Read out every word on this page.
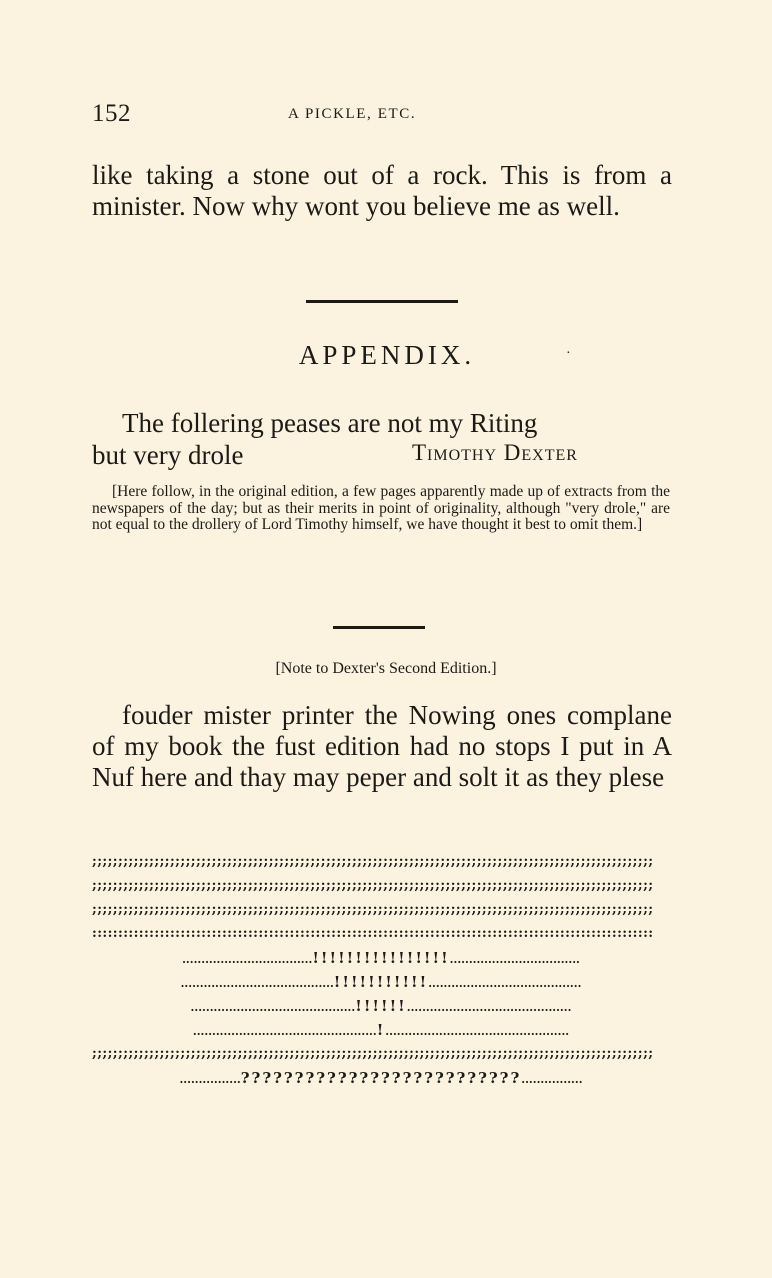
152	A PICKLE, ETC.
like taking a stone out of a rock. This is from a minister. Now why wont you believe me as well.
APPENDIX.	·
The follering peases are not my Riting
but very drole	Timothy Dexter
[Here follow, in the original edition, a few pages apparently made up of extracts from the newspapers of the day; but as their merits in point of originality, although "very drole," are not equal to the drollery of Lord Timothy himself, we have thought it best to omit them.]
[Note to Dexter's Second Edition.]
fouder mister printer the Nowing ones complane of my book the fust edition had no stops I put in A Nuf here and thay may peper and solt it as they plese
;;;;;;;;;;;;;;;;;;;;;;;;;;;;;;;;;;;;;;;;;;;;;;;;;;;;;;;;;;;;;;;;;;;;;;;;;;;;;;;;;;;;;;;;;;;;;;;;;;;;;;;;;;;;
;;;;;;;;;;;;;;;;;;;;;;;;;;;;;;;;;;;;;;;;;;;;;;;;;;;;;;;;;;;;;;;;;;;;;;;;;;;;;;;;;;;;;;;;;;;;;;;;;;;;;;;;;;;;
;;;;;;;;;;;;;;;;;;;;;;;;;;;;;;;;;;;;;;;;;;;;;;;;;;;;;;;;;;;;;;;;;;;;;;;;;;;;;;;;;;;;;;;;;;;;;;;;;;;;;;;;;;;;
::::::::::::::::::::::::::::::::::::::::::::::::::::::::::::::::::::::::::::::::::::::::::::::::::::::::::::
..................................!!!!!!!!!!!!!!!!..................................
........................................!!!!!!!!!!!........................................
...........................................!!!!!!...........................................
................................................!................................................
;;;;;;;;;;;;;;;;;;;;;;;;;;;;;;;;;;;;;;;;;;;;;;;;;;;;;;;;;;;;;;;;;;;;;;;;;;;;;;;;;;;;;;;;;;;;;;;;;;;;;;;;;;;;
................??????????????????????????................
